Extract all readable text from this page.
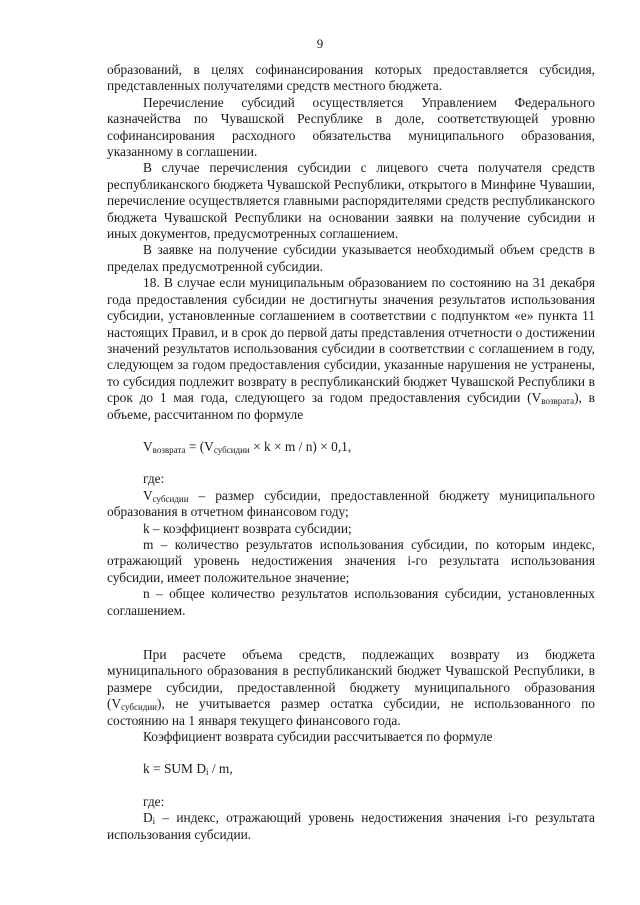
9

образований, в целях софинансирования которых предоставляется субсидия, представленных получателями средств местного бюджета.

Перечисление субсидий осуществляется Управлением Федерального казначейства по Чувашской Республике в доле, соответствующей уровню софинансирования расходного обязательства муниципального образования, указанному в соглашении.

В случае перечисления субсидии с лицевого счета получателя средств республиканского бюджета Чувашской Республики, открытого в Минфине Чувашии, перечисление осуществляется главными распорядителями средств республиканского бюджета Чувашской Республики на основании заявки на получение субсидии и иных документов, предусмотренных соглашением.

В заявке на получение субсидии указывается необходимый объем средств в пределах предусмотренной субсидии.

18. В случае если муниципальным образованием по состоянию на 31 декабря года предоставления субсидии не достигнуты значения результатов использования субсидии, установленные соглашением в соответствии с подпунктом «е» пункта 11 настоящих Правил, и в срок до первой даты представления отчетности о достижении значений результатов использования субсидии в соответствии с соглашением в году, следующем за годом предоставления субсидии, указанные нарушения не устранены, то субсидия подлежит возврату в республиканский бюджет Чувашской Республики в срок до 1 мая года, следующего за годом предоставления субсидии $(V_{возврата})$, в объеме, рассчитанном по формуле

$V_{возврата} = (V_{субсидии} \times k \times m / n) \times 0,1$,

где:

$V_{субсидии}$ – размер субсидии, предоставленной бюджету муниципального образования в отчетном финансовом году;

k – коэффициент возврата субсидии;

m – количество результатов использования субсидии, по которым индекс, отражающий уровень недостижения значения i-го результата использования субсидии, имеет положительное значение;

n – общее количество результатов использования субсидии, установленных соглашением.

При расчете объема средств, подлежащих возврату из бюджета муниципального образования в республиканский бюджет Чувашской Республики, в размере субсидии, предоставленной бюджету муниципального образования $(V_{субсидии})$, не учитывается размер остатка субсидии, не использованного по состоянию на 1 января текущего финансового года.

Коэффициент возврата субсидии рассчитывается по формуле

k = SUM $D_i$ / m,

где:

$D_i$ – индекс, отражающий уровень недостижения значения i-го результата использования субсидии.
